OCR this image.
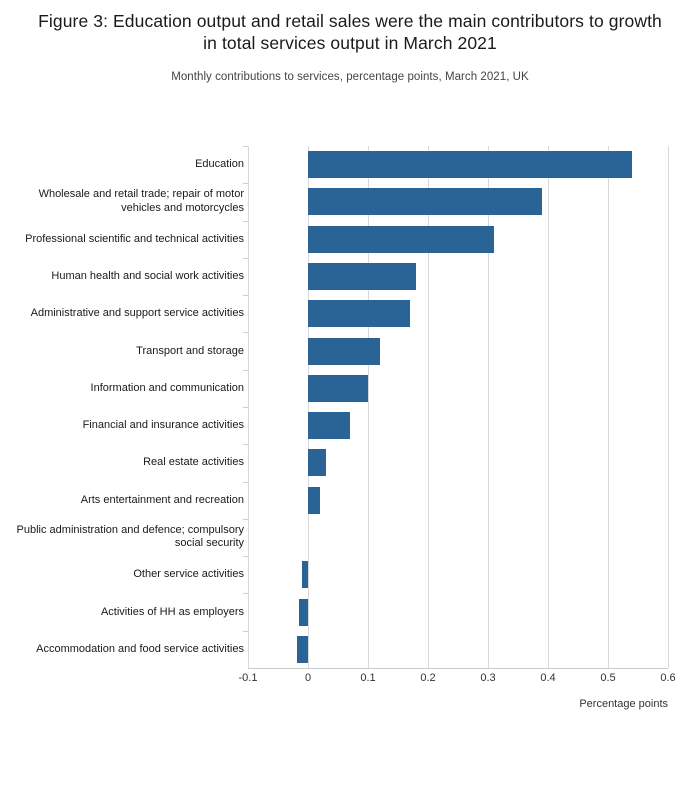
Figure 3: Education output and retail sales were the main contributors to growth in total services output in March 2021
Monthly contributions to services, percentage points, March 2021, UK
-0.1	0	0.1	0.2	0.3	0.4	0.5	0.6
Education
Wholesale and retail trade; repair of motor vehicles and motorcycles
Professional scientific and technical activities
Human health and social work activities
Administrative and support service activities
Transport and storage
Information and communication
Financial and insurance activities
Real estate activities
Arts entertainment and recreation
Public administration and defence; compulsory social security
Other service activities
Activities of HH as employers
Accommodation and food service activities
Percentage points
